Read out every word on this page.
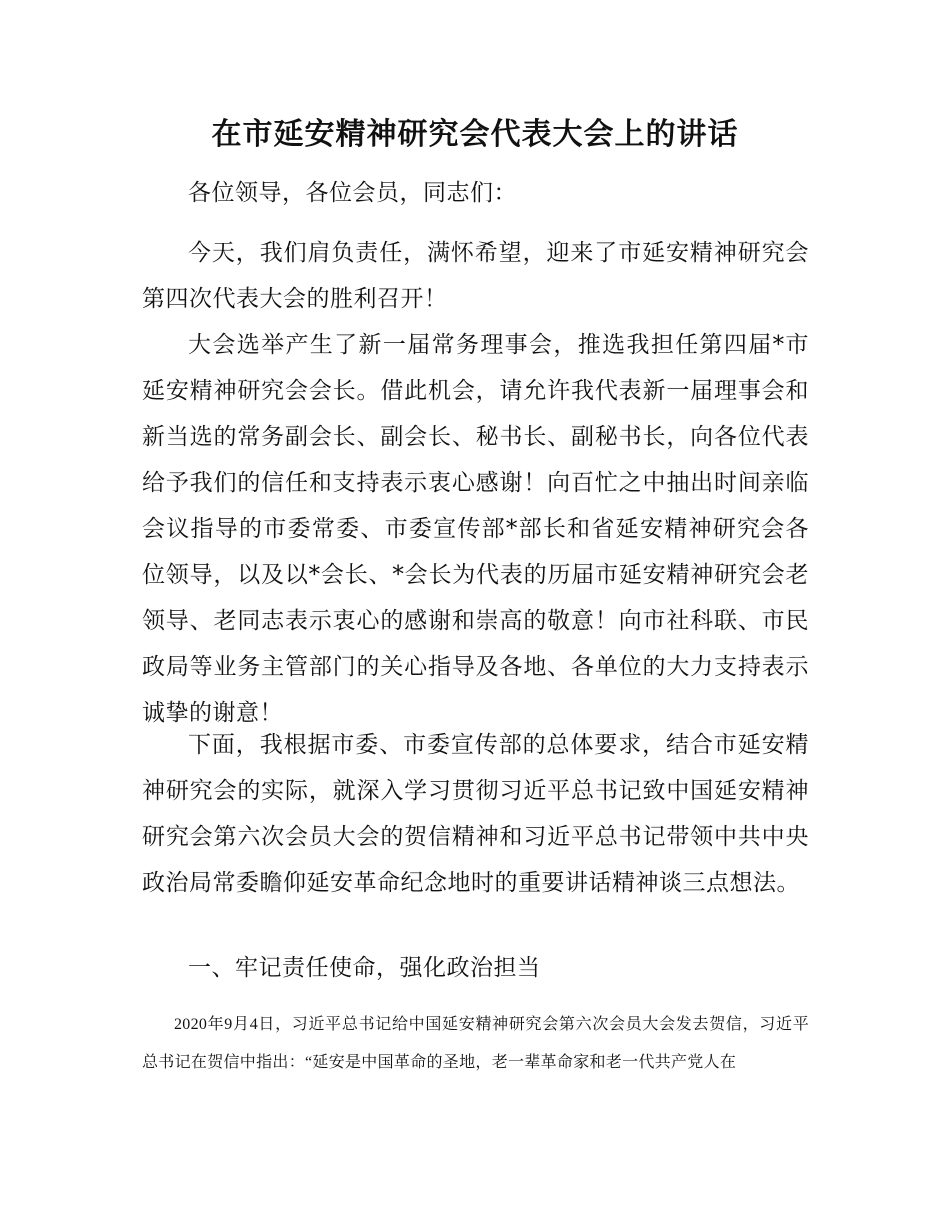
在市延安精神研究会代表大会上的讲话

各位领导，各位会员，同志们：

今天，我们肩负责任，满怀希望，迎来了市延安精神研究会第四次代表大会的胜利召开！

大会选举产生了新一届常务理事会，推选我担任第四届*市延安精神研究会会长。借此机会，请允许我代表新一届理事会和新当选的常务副会长、副会长、秘书长、副秘书长，向各位代表给予我们的信任和支持表示衷心感谢！向百忙之中抽出时间亲临会议指导的市委常委、市委宣传部*部长和省延安精神研究会各位领导，以及以*会长、*会长为代表的历届市延安精神研究会老领导、老同志表示衷心的感谢和崇高的敬意！向市社科联、市民政局等业务主管部门的关心指导及各地、各单位的大力支持表示诚挚的谢意！

下面，我根据市委、市委宣传部的总体要求，结合市延安精神研究会的实际，就深入学习贯彻习近平总书记致中国延安精神研究会第六次会员大会的贺信精神和习近平总书记带领中共中央政治局常委瞻仰延安革命纪念地时的重要讲话精神谈三点想法。

一、牢记责任使命，强化政治担当

2020年9月4日，习近平总书记给中国延安精神研究会第六次会员大会发去贺信，习近平总书记在贺信中指出：“延安是中国革命的圣地，老一辈革命家和老一代共产党人在
